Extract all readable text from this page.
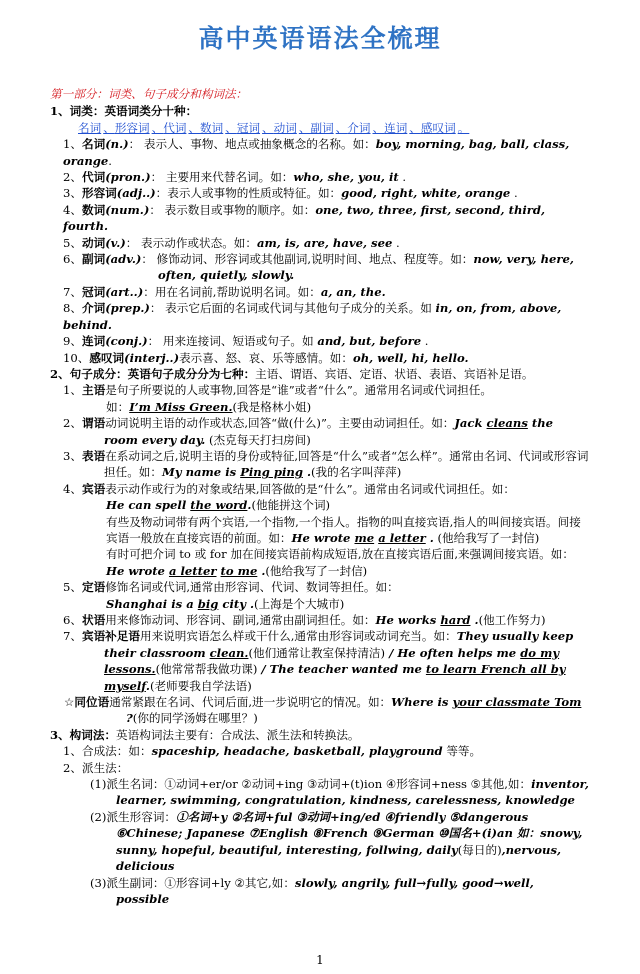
高中英语语法全梳理
第一部分：词类、句子成分和构词法：

1、词类：英语词类分十种：

名词 、形容词 、代词 、数词 、冠词 、动词 、副词 、介词 、连词 、感叹词 。

1、名词(n.)： 表示人、事物、地点或抽象概念的名称。如：boy, morning, bag, ball, class, orange.

2、代词(pron.)： 主要用来代替名词。如：who, she, you, it .

3、形容词(adj..)：表示人或事物的性质或特征。如：good, right, white, orange .

4、数词(num.)： 表示数目或事物的顺序。如：one, two, three, first, second, third, fourth.

5、动词(v.)： 表示动作或状态。如：am, is, are, have, see .

6、副词(adv.)： 修饰动词、形容词或其他副词,说明时间、地点、程度等。如：now, very, here, often, quietly, slowly.

7、冠词(art..)：用在名词前,帮助说明名词。如：a, an, the.

8、介词(prep.)： 表示它后面的名词或代词与其他句子成分的关系。如 in, on, from, above, behind.

9、连词(conj.)： 用来连接词、短语或句子。如 and, but, before .

10、感叹词(interj..)表示喜、怒、哀、乐等感情。如：oh, well, hi, hello.

2、句子成分：英语句子成分分为七种：主语、谓语、宾语、定语、状语、表语、宾语补足语。

1、主语是句子所要说的人或事物,回答是“谁”或者“什么”。通常用名词或代词担任。

如：I’m Miss Green.(我是格林小姐)

2、谓语动词说明主语的动作或状态,回答“做(什么)”。主要由动词担任。如：Jack cleans the room every day. (杰克每天打扫房间)

3、表语在系动词之后,说明主语的身份或特征,回答是“什么”或者“怎么样”。通常由名词、代词或形容词担任。如：My name is Ping ping .(我的名字叫萍萍)

4、宾语表示动作或行为的对象或结果,回答做的是“什么”。通常由名词或代词担任。如：

He can spell the word.(他能拼这个词)

有些及物动词带有两个宾语,一个指物,一个指人。指物的叫直接宾语,指人的叫间接宾语。间接宾语一般放在直接宾语的前面。如：He wrote me a letter . (他给我写了一封信)

有时可把介词 to 或 for 加在间接宾语前构成短语,放在直接宾语后面,来强调间接宾语。如：He wrote a letter to me .(他给我写了一封信)

5、定语修饰名词或代词,通常由形容词、代词、数词等担任。如：

Shanghai is a big city .(上海是个大城市)

6、状语用来修饰动词、形容词、副词,通常由副词担任。如：He works hard .(他工作努力)

7、宾语补足语用来说明宾语怎么样或干什么,通常由形容词或动词充当。如：They usually keep their classroom clean.(他们通常让教室保持清洁) / He often helps me do my lessons.(他常常帮我做功课) / The teacher wanted me to learn French all by myself.(老师要我自学法语)

☆同位语通常紧跟在名词、代词后面,进一步说明它的情况。如：Where is your classmate Tom ?(你的同学汤姆在哪里？)

3、构词法：英语构词法主要有：合成法、派生法和转换法。

1、合成法：如：spaceship, headache, basketball, playground 等等。

2、派生法：

(1)派生名词：①动词+er/or ②动词+ing ③动词+(t)ion ④形容词+ness ⑤其他,如：inventor, learner, swimming, congratulation, kindness, carelessness, knowledge

(2)派生形容词：①名词+y ②名词+ful ③动词+ing/ed ④friendly ⑤dangerous ⑥Chinese; Japanese ⑦English ⑧French ⑨German ⑩国名+(i)an 如：snowy, sunny, hopeful, beautiful, interesting, follwing, daily(每日的),nervous, delicious

(3)派生副词：①形容词+ly ②其它,如：slowly, angrily, full→fully, good→well, possible

1
